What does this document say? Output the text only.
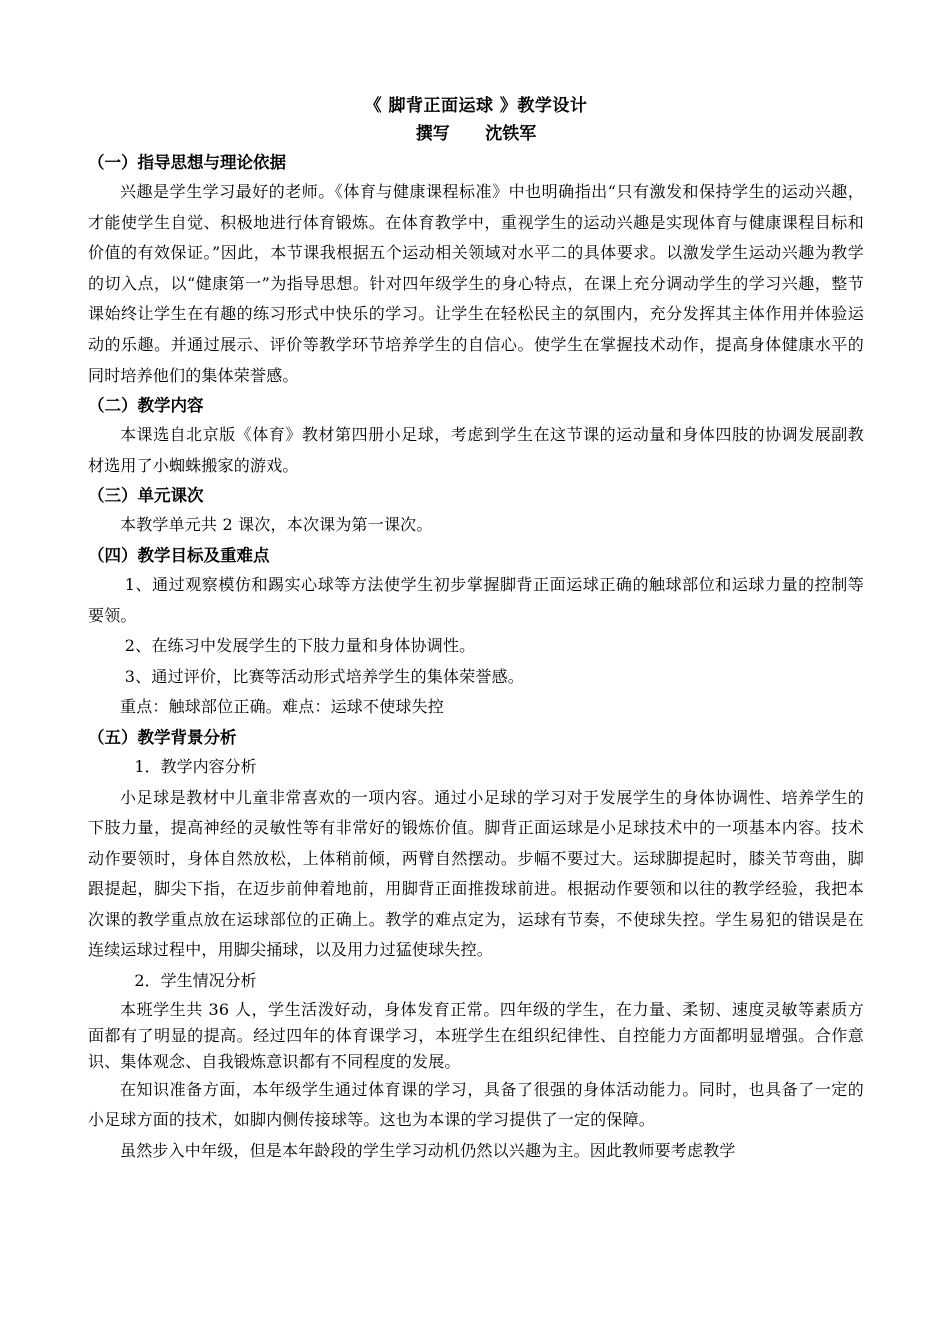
《 脚背正面运球 》教学设计

撰写      沈铁军

（一）指导思想与理论依据

兴趣是学生学习最好的老师。《体育与健康课程标准》中也明确指出“只有激发和保持学生的运动兴趣，才能使学生自觉、积极地进行体育锻炼。在体育教学中，重视学生的运动兴趣是实现体育与健康课程目标和价值的有效保证。”因此，本节课我根据五个运动相关领域对水平二的具体要求。以激发学生运动兴趣为教学的切入点，以“健康第一”为指导思想。针对四年级学生的身心特点，在课上充分调动学生的学习兴趣，整节课始终让学生在有趣的练习形式中快乐的学习。让学生在轻松民主的氛围内，充分发挥其主体作用并体验运动的乐趣。并通过展示、评价等教学环节培养学生的自信心。使学生在掌握技术动作，提高身体健康水平的同时培养他们的集体荣誉感。

（二）教学内容

本课选自北京版《体育》教材第四册小足球，考虑到学生在这节课的运动量和身体四肢的协调发展副教材选用了小蜘蛛搬家的游戏。

（三）单元课次

本教学单元共 2 课次，本次课为第一课次。

（四）教学目标及重难点

1、通过观察模仿和踢实心球等方法使学生初步掌握脚背正面运球正确的触球部位和运球力量的控制等要领。

2、在练习中发展学生的下肢力量和身体协调性。

3、通过评价，比赛等活动形式培养学生的集体荣誉感。

重点：触球部位正确。难点：运球不使球失控

（五）教学背景分析

1．教学内容分析

小足球是教材中儿童非常喜欢的一项内容。通过小足球的学习对于发展学生的身体协调性、培养学生的下肢力量，提高神经的灵敏性等有非常好的锻炼价值。脚背正面运球是小足球技术中的一项基本内容。技术动作要领时，身体自然放松，上体稍前倾，两臂自然摆动。步幅不要过大。运球脚提起时，膝关节弯曲，脚跟提起，脚尖下指，在迈步前伸着地前，用脚背正面推拨球前进。根据动作要领和以往的教学经验，我把本次课的教学重点放在运球部位的正确上。教学的难点定为，运球有节奏，不使球失控。学生易犯的错误是在连续运球过程中，用脚尖捅球，以及用力过猛使球失控。

2．学生情况分析

本班学生共 36 人，学生活泼好动，身体发育正常。四年级的学生，在力量、柔韧、速度灵敏等素质方面都有了明显的提高。经过四年的体育课学习，本班学生在组织纪律性、自控能力方面都明显增强。合作意识、集体观念、自我锻炼意识都有不同程度的发展。

在知识准备方面，本年级学生通过体育课的学习，具备了很强的身体活动能力。同时，也具备了一定的小足球方面的技术，如脚内侧传接球等。这也为本课的学习提供了一定的保障。

虽然步入中年级，但是本年龄段的学生学习动机仍然以兴趣为主。因此教师要考虑教学
